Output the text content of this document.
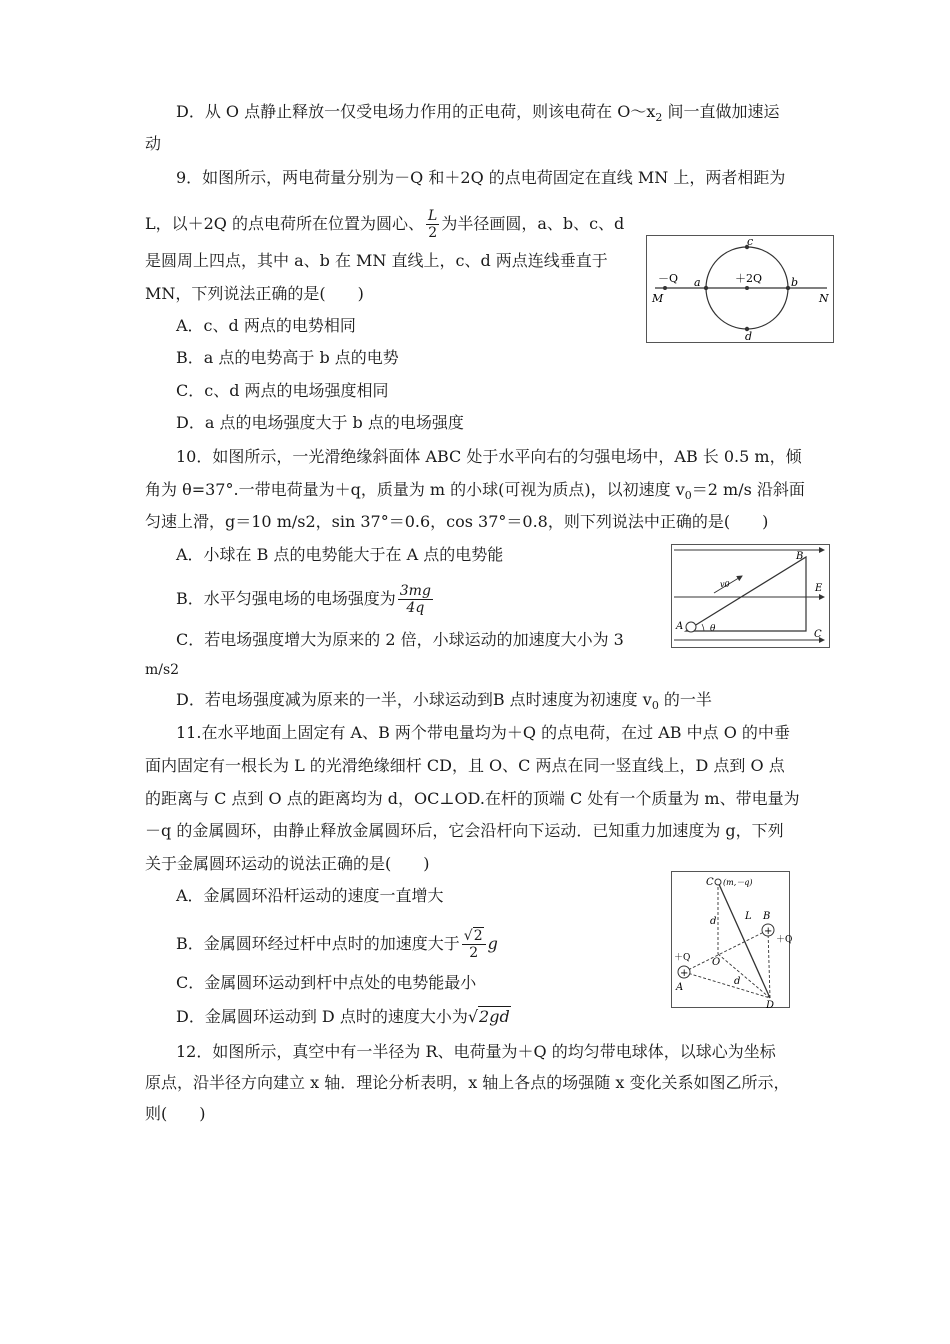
D．从 O 点静止释放一仅受电场力作用的正电荷，则该电荷在 $O\sim x_2$ 间一直做加速运
动
9．如图所示，两电荷量分别为－Q 和＋2Q 的点电荷固定在直线 MN 上，两者相距为
L，以＋2Q 的点电荷所在位置为圆心、 $\frac{L}{2}$ 为半径画圆，a、b、c、d
是圆周上四点，其中 a、b 在 MN 直线上，c、d 两点连线垂直于
MN，下列说法正确的是(　　)
A．c、d 两点的电势相同
B．a 点的电势高于 b 点的电势
C．c、d 两点的电场强度相同
D．a 点的电场强度大于 b 点的电场强度
－Q	＋2Q
M	N
a	b
c
d
10．如图所示，一光滑绝缘斜面体 ABC 处于水平向右的匀强电场中，AB 长 0.5 m，倾
角为 θ=37°.一带电荷量为＋q，质量为 m 的小球(可视为质点)，以初速度 $v_0=2$ m/s 沿斜面
匀速上滑，g＝10 m/s2，sin 37°＝0.6，cos 37°＝0.8，则下列说法中正确的是(　　)
A．小球在 B 点的电势能大于在 A 点的电势能
B．水平匀强电场的电场强度为 $\frac{3mg}{4q}$
C．若电场强度增大为原来的 2 倍，小球运动的加速度大小为 3
m/s2
D．若电场强度减为原来的一半，小球运动到B 点时速度为初速度 $v_0$ 的一半
A
B
C
E
v0
θ
11.在水平地面上固定有 A、B 两个带电量均为＋Q 的点电荷，在过 AB 中点 O 的中垂
面内固定有一根长为 L 的光滑绝缘细杆 CD，且 O、C 两点在同一竖直线上，D 点到 O 点
的距离与 C 点到 O 点的距离均为 d，OC⊥OD.在杆的顶端 C 处有一个质量为 m、带电量为
－q 的金属圆环，由静止释放金属圆环后，它会沿杆向下运动．已知重力加速度为 g，下列
关于金属圆环运动的说法正确的是(　　)
A．金属圆环沿杆运动的速度一直增大
B．金属圆环经过杆中点时的加速度大于 $\frac{√2}{2}$ g
C．金属圆环运动到杆中点处的电势能最小
D．金属圆环运动到 D 点时的速度大小为√2gd
+
+
C (m,－q)
B
A
D
O
L
d
d
＋Q
＋Q
12．如图所示，真空中有一半径为 R、电荷量为＋Q 的均匀带电球体，以球心为坐标
原点，沿半径方向建立 x 轴．理论分析表明，x 轴上各点的场强随 x 变化关系如图乙所示，
则(　　)
